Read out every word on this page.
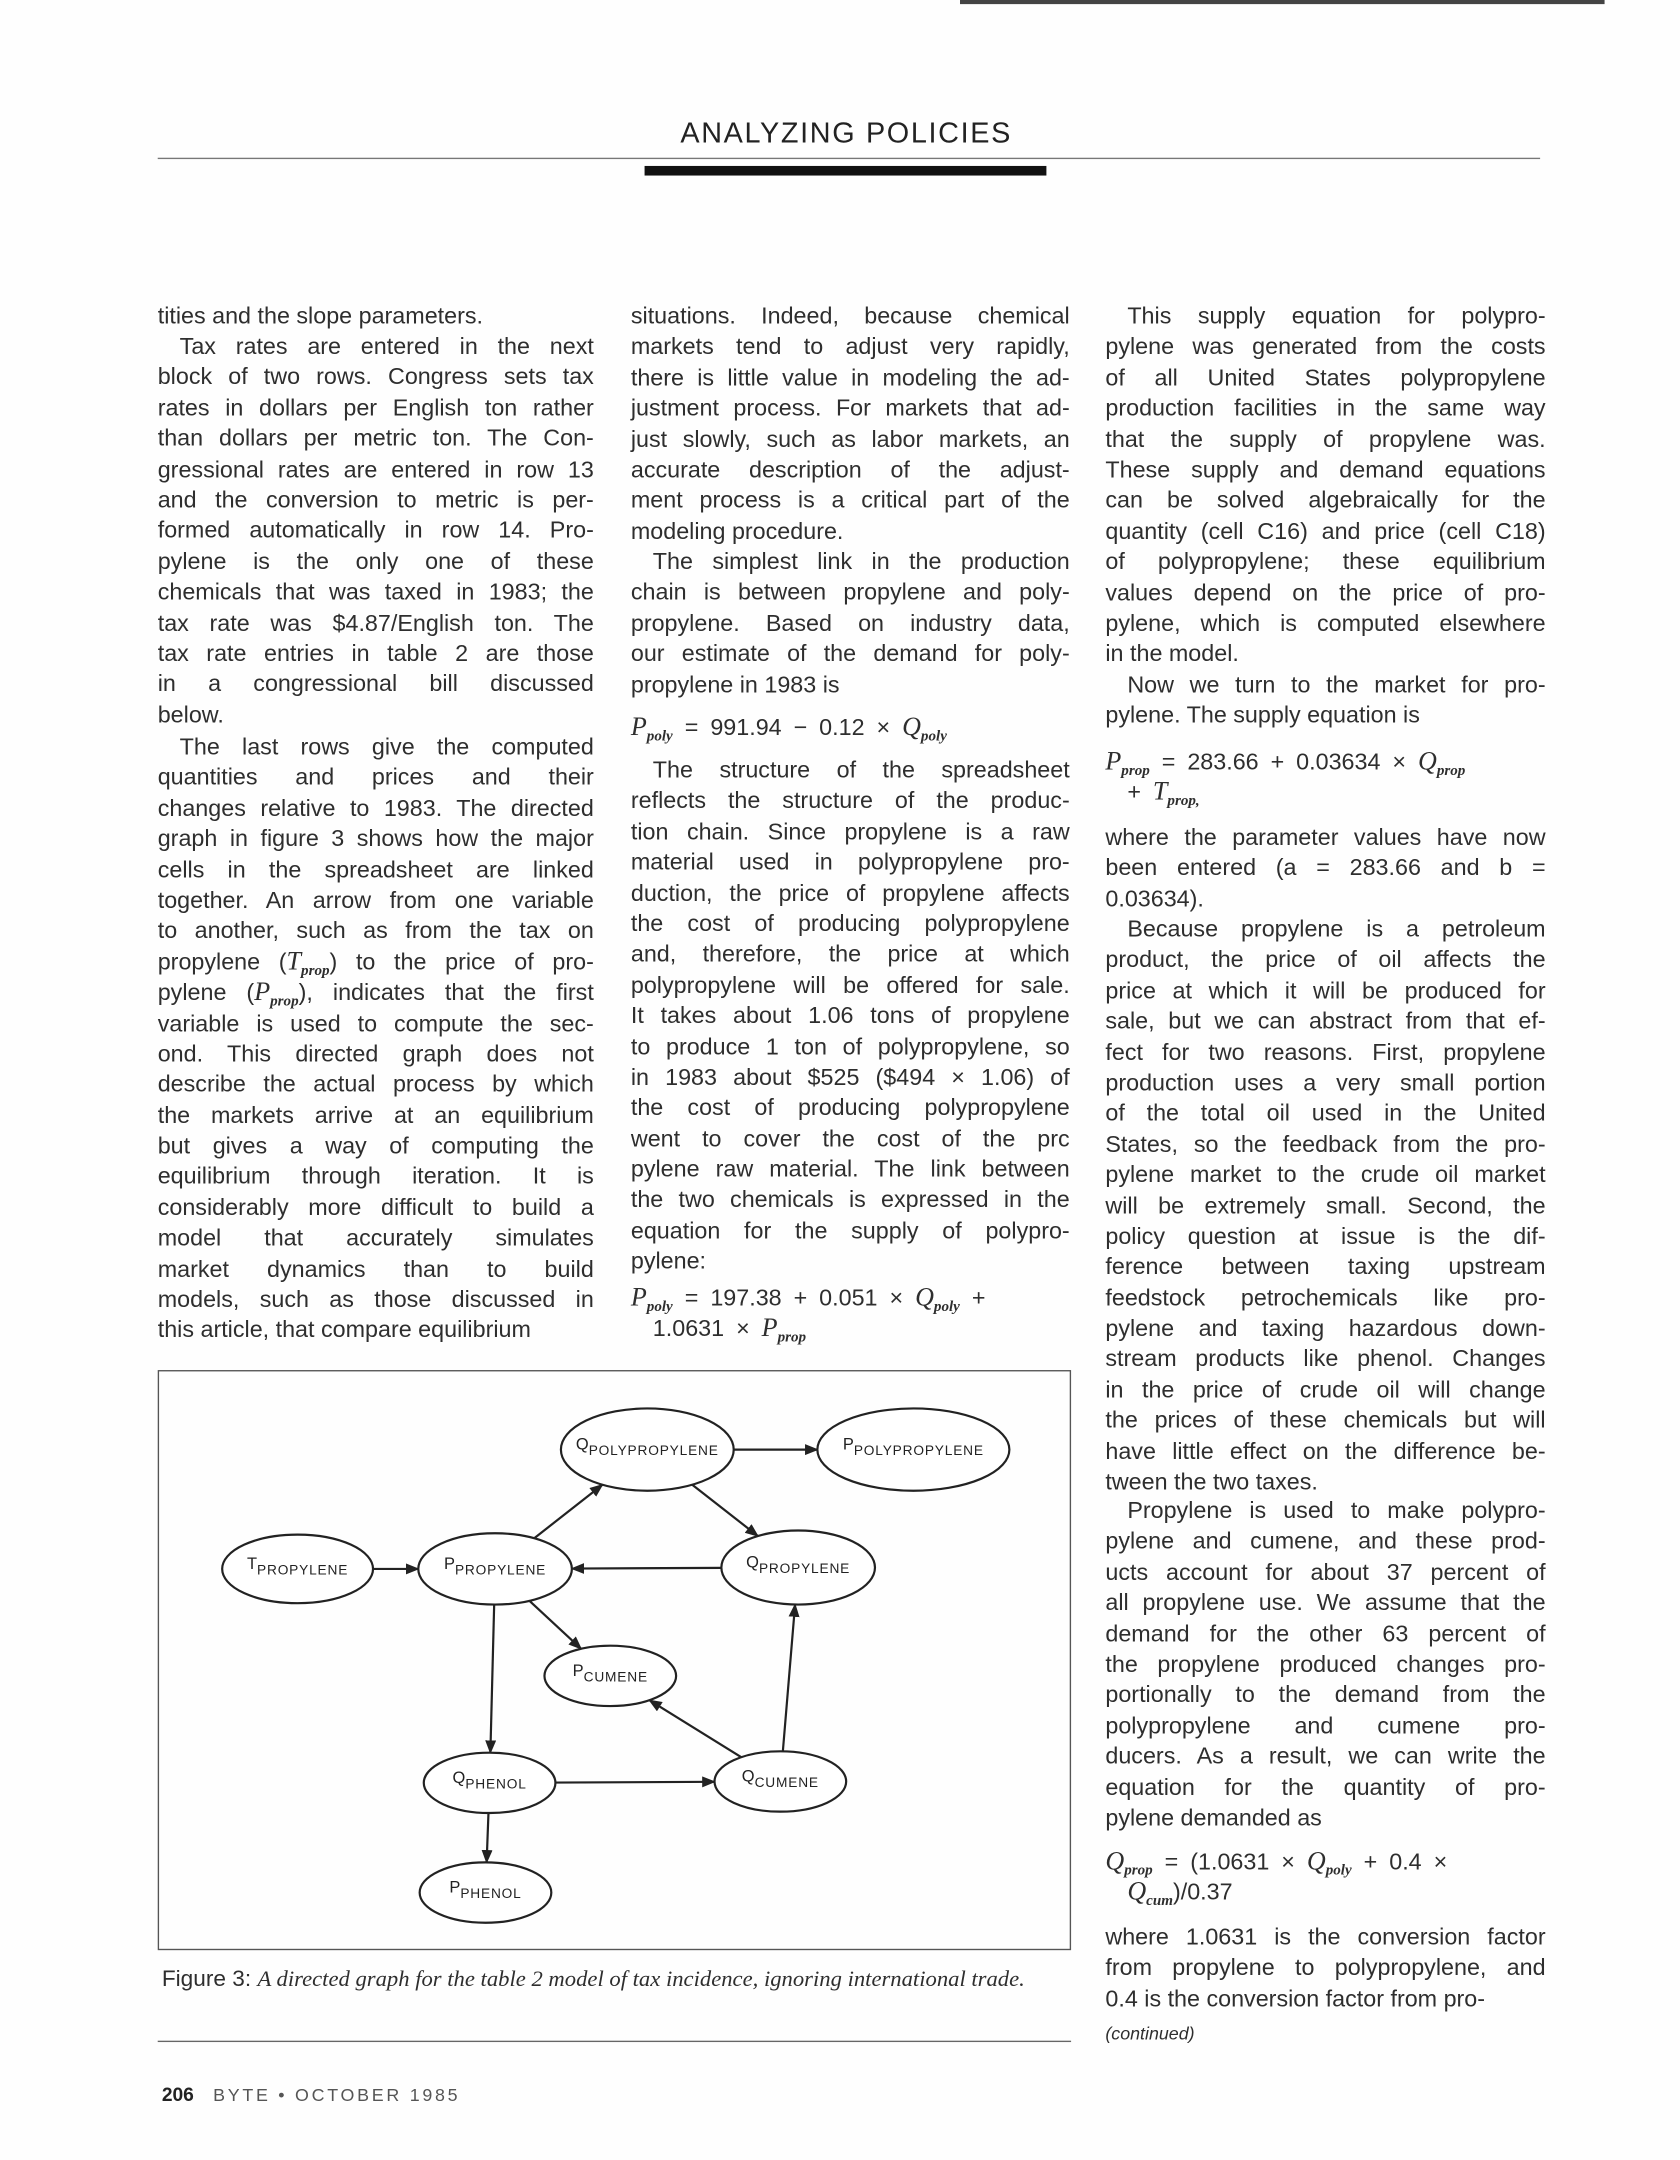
ANALYZING POLICIES
tities and the slope parameters.
Tax rates are entered in the next
block of two rows. Congress sets tax
rates in dollars per English ton rather
than dollars per metric ton. The Con-
gressional rates are entered in row 13
and the conversion to metric is per-
formed automatically in row 14. Pro-
pylene is the only one of these
chemicals that was taxed in 1983; the
tax rate was $4.87/English ton. The
tax rate entries in table 2 are those
in a congressional bill discussed
below.
The last rows give the computed
quantities and prices and their
changes relative to 1983. The directed
graph in figure 3 shows how the major
cells in the spreadsheet are linked
together. An arrow from one variable
to another, such as from the tax on
propylene $(T_{prop})$ to the price of pro-
pylene $(P_{prop})$, indicates that the first
variable is used to compute the sec-
ond. This directed graph does not
describe the actual process by which
the markets arrive at an equilibrium
but gives a way of computing the
equilibrium through iteration. It is
considerably more difficult to build a
model that accurately simulates
market dynamics than to build
models, such as those discussed in
this article, that compare equilibrium
situations. Indeed, because chemical
markets tend to adjust very rapidly,
there is little value in modeling the ad-
justment process. For markets that ad-
just slowly, such as labor markets, an
accurate description of the adjust-
ment process is a critical part of the
modeling procedure.
The simplest link in the production
chain is between propylene and poly-
propylene. Based on industry data,
our estimate of the demand for poly-
propylene in 1983 is
$P_{poly} = 991.94 - 0.12 \times Q_{poly}$
The structure of the spreadsheet
reflects the structure of the produc-
tion chain. Since propylene is a raw
material used in polypropylene pro-
duction, the price of propylene affects
the cost of producing polypropylene
and, therefore, the price at which
polypropylene will be offered for sale.
It takes about 1.06 tons of propylene
to produce 1 ton of polypropylene, so
in 1983 about $525 ($494 × 1.06) of
the cost of producing polypropylene
went to cover the cost of the prc
pylene raw material. The link between
the two chemicals is expressed in the
equation for the supply of polypro-
pylene:
$P_{poly} = 197.38 + 0.051 \times Q_{poly}$ +
$1.0631 \times P_{prop}$
This supply equation for polypro-
pylene was generated from the costs
of all United States polypropylene
production facilities in the same way
that the supply of propylene was.
These supply and demand equations
can be solved algebraically for the
quantity (cell C16) and price (cell C18)
of polypropylene; these equilibrium
values depend on the price of pro-
pylene, which is computed elsewhere
in the model.
Now we turn to the market for pro-
pylene. The supply equation is
$P_{prop} = 283.66 + 0.03634 \times Q_{prop}$
+ $T_{prop,}$
where the parameter values have now
been entered (a = 283.66 and b =
0.03634).
Because propylene is a petroleum
product, the price of oil affects the
price at which it will be produced for
sale, but we can abstract from that ef-
fect for two reasons. First, propylene
production uses a very small portion
of the total oil used in the United
States, so the feedback from the pro-
pylene market to the crude oil market
will be extremely small. Second, the
policy question at issue is the dif-
ference between taxing upstream
feedstock petrochemicals like pro-
pylene and taxing hazardous down-
stream products like phenol. Changes
in the price of crude oil will change
the prices of these chemicals but will
have little effect on the difference be-
tween the two taxes.
Propylene is used to make polypro-
pylene and cumene, and these prod-
ucts account for about 37 percent of
all propylene use. We assume that the
demand for the other 63 percent of
the propylene produced changes pro-
portionally to the demand from the
polypropylene and cumene pro-
ducers. As a result, we can write the
equation for the quantity of pro-
pylene demanded as
$Q_{prop} = (1.0631 \times Q_{poly} + 0.4$ ×
$Q_{cum})/0.37$
where 1.0631 is the conversion factor
from propylene to polypropylene, and
0.4 is the conversion factor from pro-
(continued)
$Q_{POLYPROPYLENE}$	$P_{POLYPROPYLENE}$
$T_{PROPYLENE}$	$P_{PROPYLENE}$	$Q_{PROPYLENE}$
$P_{CUMENE}$
$Q_{PHENOL}$	$Q_{CUMENE}$
$P_{PHENOL}$
Figure 3: A directed graph for the table 2 model of tax incidence, ignoring international trade.
206 BYTE • OCTOBER 1985
